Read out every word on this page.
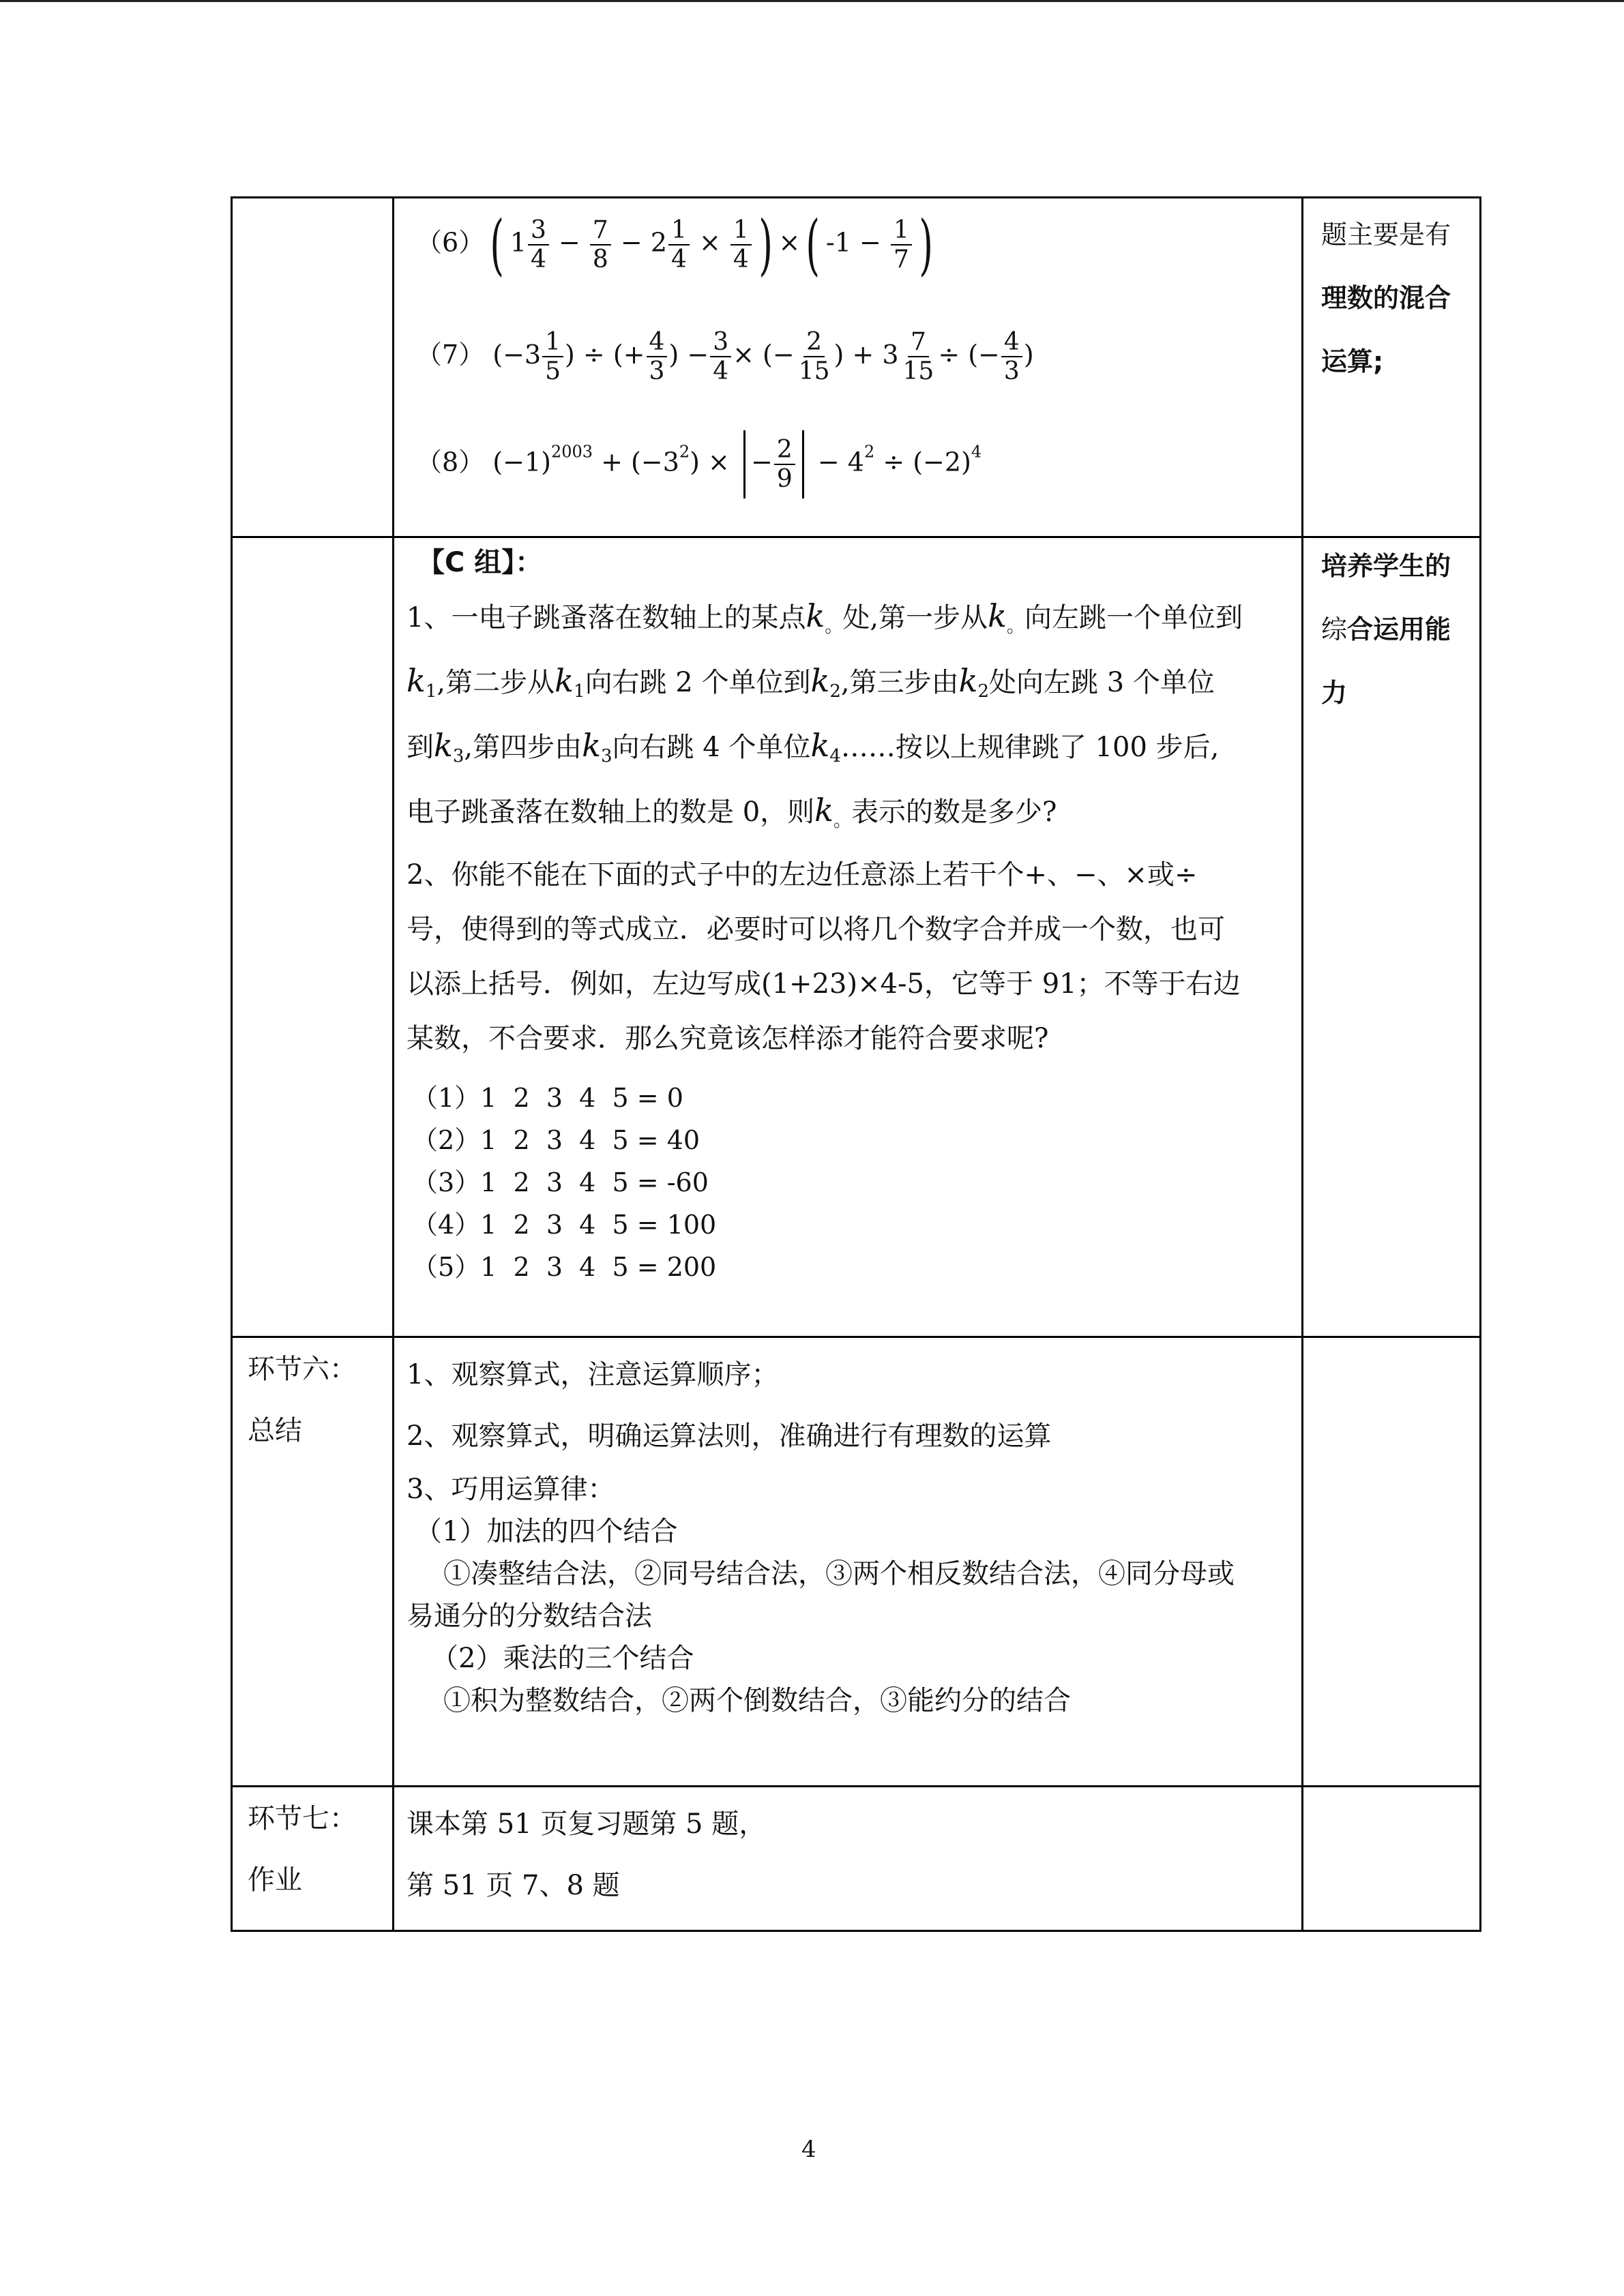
（6） ( $1 \frac{3}{4} - \frac{7}{8} - 2 \frac{1}{4} \times \frac{1}{4}$ ) × ( $-1 - \frac{1}{7}$ )
（7） ($-3 \frac{1}{5}$ ) ÷ (+ $\frac{4}{3}$ ) − $\frac{3}{4}$ × (− $\frac{2}{15}$ ) + $3 \frac{7}{15}$ ÷ (− $\frac{4}{3}$ )
（8） $(-1)^{2003} + (-3^2)$ × − $\frac{2}{9} - 4^2 \div (-2)^4$
题主要是有
理数的混合
运算;
【C 组】：
1、一电子跳蚤落在数轴上的某点$k_。$处,第一步从$k_。$向左跳一个单位到
$k_1$,第二步从$k_1$向右跳 2 个单位到$k_2$,第三步由$k_2$处向左跳 3 个单位
到$k_3$,第四步由$k_3$向右跳 4 个单位$k_4\dots\dots$按以上规律跳了 100 步后,
电子跳蚤落在数轴上的数是 0，则$k_。$表示的数是多少?
2、你能不能在下面的式子中的左边任意添上若干个+、−、×或÷
号，使得到的等式成立．必要时可以将几个数字合并成一个数，也可
以添上括号．例如，左边写成(1+23)×4-5，它等于 91；不等于右边
某数，不合要求．那么究竟该怎样添才能符合要求呢?
（1）1  2  3  4  5 = 0
（2）1  2  3  4  5 = 40
（3）1  2  3  4  5 = -60
（4）1  2  3  4  5 = 100
（5）1  2  3  4  5 = 200
培养学生的
综合运用能
力
环节六：
总结
1、观察算式，注意运算顺序；
2、观察算式，明确运算法则，准确进行有理数的运算
3、巧用运算律：
（1）加法的四个结合
①凑整结合法，②同号结合法，③两个相反数结合法，④同分母或
易通分的分数结合法
（2）乘法的三个结合
①积为整数结合，②两个倒数结合，③能约分的结合
环节七：
作业
课本第 51 页复习题第 5 题，
第 51 页 7、8 题
4
